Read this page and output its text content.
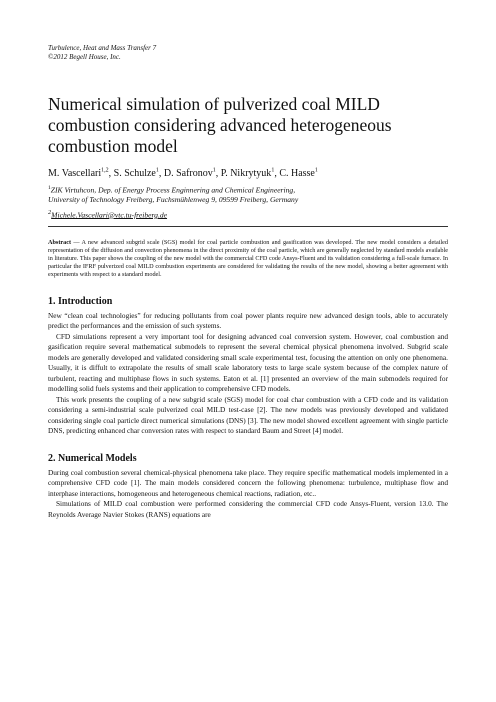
Turbulence, Heat and Mass Transfer 7
©2012 Begell House, Inc.
Numerical simulation of pulverized coal MILD combustion considering advanced heterogeneous combustion model
M. Vascellari$^{1,2}$, S. Schulze$^1$, D. Safronov$^1$, P. Nikrytyuk$^1$, C. Hasse$^1$
$^1$ZIK Virtuhcon, Dep. of Energy Process Enginnering and Chemical Engineering,
University of Technology Freiberg, Fuchsmühlenweg 9, 09599 Freiberg, Germany
$^2$Michele.Vascellari@vtc.tu-freiberg.de
Abstract — A new advanced subgrid scale (SGS) model for coal particle combustion and gasification was developed. The new model considers a detailed representation of the diffusion and convection phenomena in the direct proximity of the coal particle, which are generally neglected by standard models available in literature. This paper shows the coupling of the new model with the commercial CFD code Ansys-Fluent and its validation considering a full-scale furnace. In particular the IFRF pulverized coal MILD combustion experiments are considered for validating the results of the new model, showing a better agreement with experiments with respect to a standard model.
1. Introduction

New “clean coal technologies” for reducing pollutants from coal power plants require new advanced design tools, able to accurately predict the performances and the emission of such systems.

CFD simulations represent a very important tool for designing advanced coal conversion system. However, coal combustion and gasification require several mathematical submodels to represent the several chemical physical phenomena involved. Subgrid scale models are generally developed and validated considering small scale experimental test, focusing the attention on only one phenomena. Usually, it is diffult to extrapolate the results of small scale laboratory tests to large scale system because of the complex nature of turbulent, reacting and multiphase flows in such systems. Eaton et al. [1] presented an overview of the main submodels required for modelling solid fuels systems and their application to comprehensive CFD models.

This work presents the coupling of a new subgrid scale (SGS) model for coal char combustion with a CFD code and its validation considering a semi-industrial scale pulverized coal MILD test-case [2]. The new models was previously developed and validated considering single coal particle direct numerical simulations (DNS) [3]. The new model showed excellent agreement with single particle DNS, predicting enhanced char conversion rates with respect to standard Baum and Street [4] model.

2. Numerical Models

During coal combustion several chemical-physical phenomena take place. They require specific mathematical models implemented in a comprehensive CFD code [1]. The main models considered concern the following phenomena: turbulence, multiphase flow and interphase interactions, homogeneous and heterogeneous chemical reactions, radiation, etc..

Simulations of MILD coal combustion were performed considering the commercial CFD code Ansys-Fluent, version 13.0. The Reynolds Average Navier Stokes (RANS) equations are
